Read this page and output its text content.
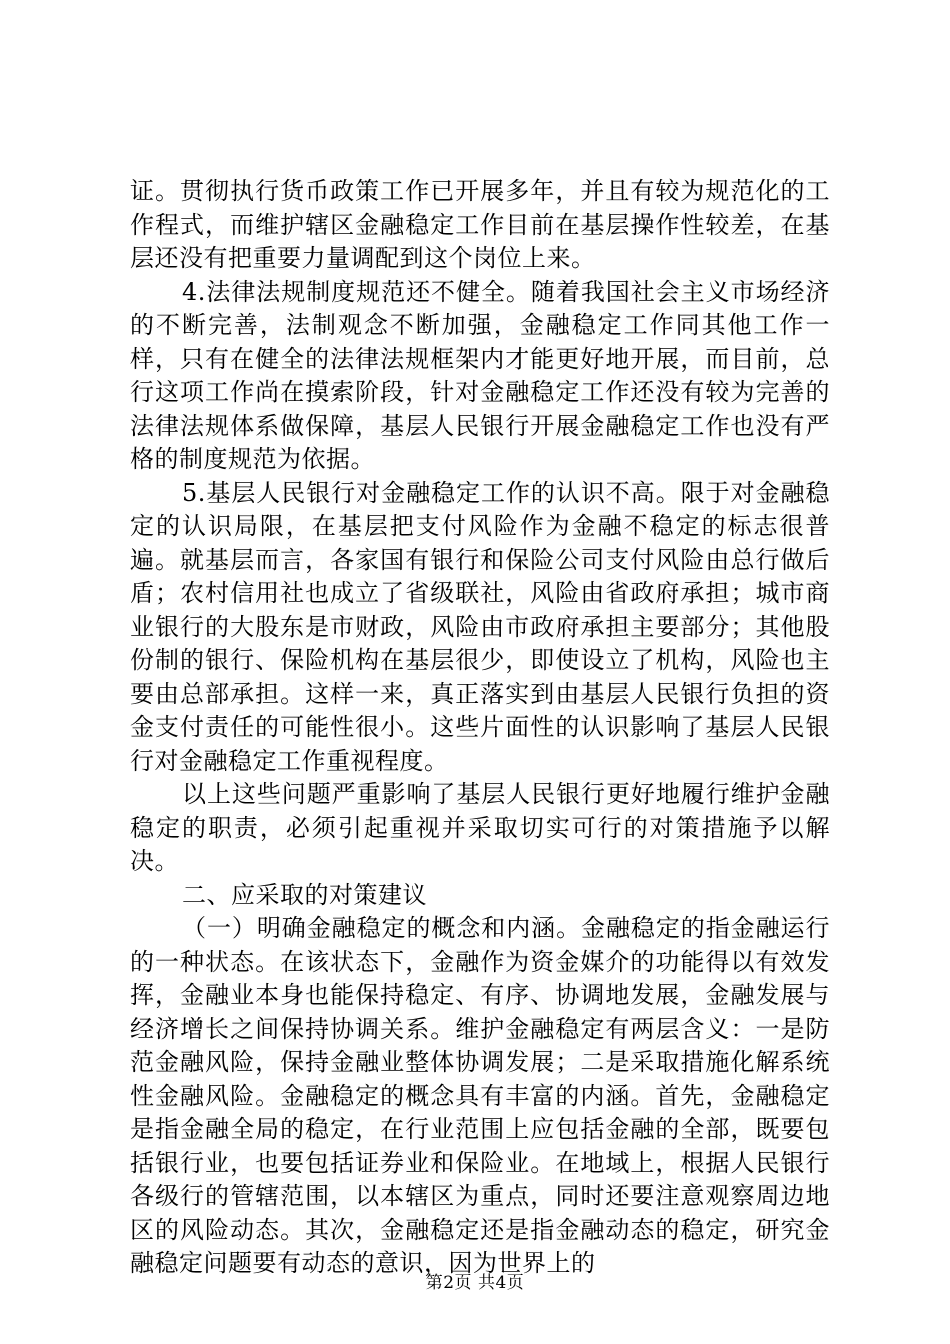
证。贯彻执行货币政策工作已开展多年，并且有较为规范化的工作程式，而维护辖区金融稳定工作目前在基层操作性较差，在基层还没有把重要力量调配到这个岗位上来。

4.法律法规制度规范还不健全。随着我国社会主义市场经济的不断完善，法制观念不断加强，金融稳定工作同其他工作一样，只有在健全的法律法规框架内才能更好地开展，而目前，总行这项工作尚在摸索阶段，针对金融稳定工作还没有较为完善的法律法规体系做保障，基层人民银行开展金融稳定工作也没有严格的制度规范为依据。

5.基层人民银行对金融稳定工作的认识不高。限于对金融稳定的认识局限，在基层把支付风险作为金融不稳定的标志很普遍。就基层而言，各家国有银行和保险公司支付风险由总行做后盾；农村信用社也成立了省级联社，风险由省政府承担；城市商业银行的大股东是市财政，风险由市政府承担主要部分；其他股份制的银行、保险机构在基层很少，即使设立了机构，风险也主要由总部承担。这样一来，真正落实到由基层人民银行负担的资金支付责任的可能性很小。这些片面性的认识影响了基层人民银行对金融稳定工作重视程度。

以上这些问题严重影响了基层人民银行更好地履行维护金融稳定的职责，必须引起重视并采取切实可行的对策措施予以解决。

二、应采取的对策建议

（一）明确金融稳定的概念和内涵。金融稳定的指金融运行的一种状态。在该状态下，金融作为资金媒介的功能得以有效发挥，金融业本身也能保持稳定、有序、协调地发展，金融发展与经济增长之间保持协调关系。维护金融稳定有两层含义：一是防范金融风险，保持金融业整体协调发展；二是采取措施化解系统性金融风险。金融稳定的概念具有丰富的内涵。首先，金融稳定是指金融全局的稳定，在行业范围上应包括金融的全部，既要包括银行业，也要包括证券业和保险业。在地域上，根据人民银行各级行的管辖范围，以本辖区为重点，同时还要注意观察周边地区的风险动态。其次，金融稳定还是指金融动态的稳定，研究金融稳定问题要有动态的意识，因为世界上的

第2页 共4页
